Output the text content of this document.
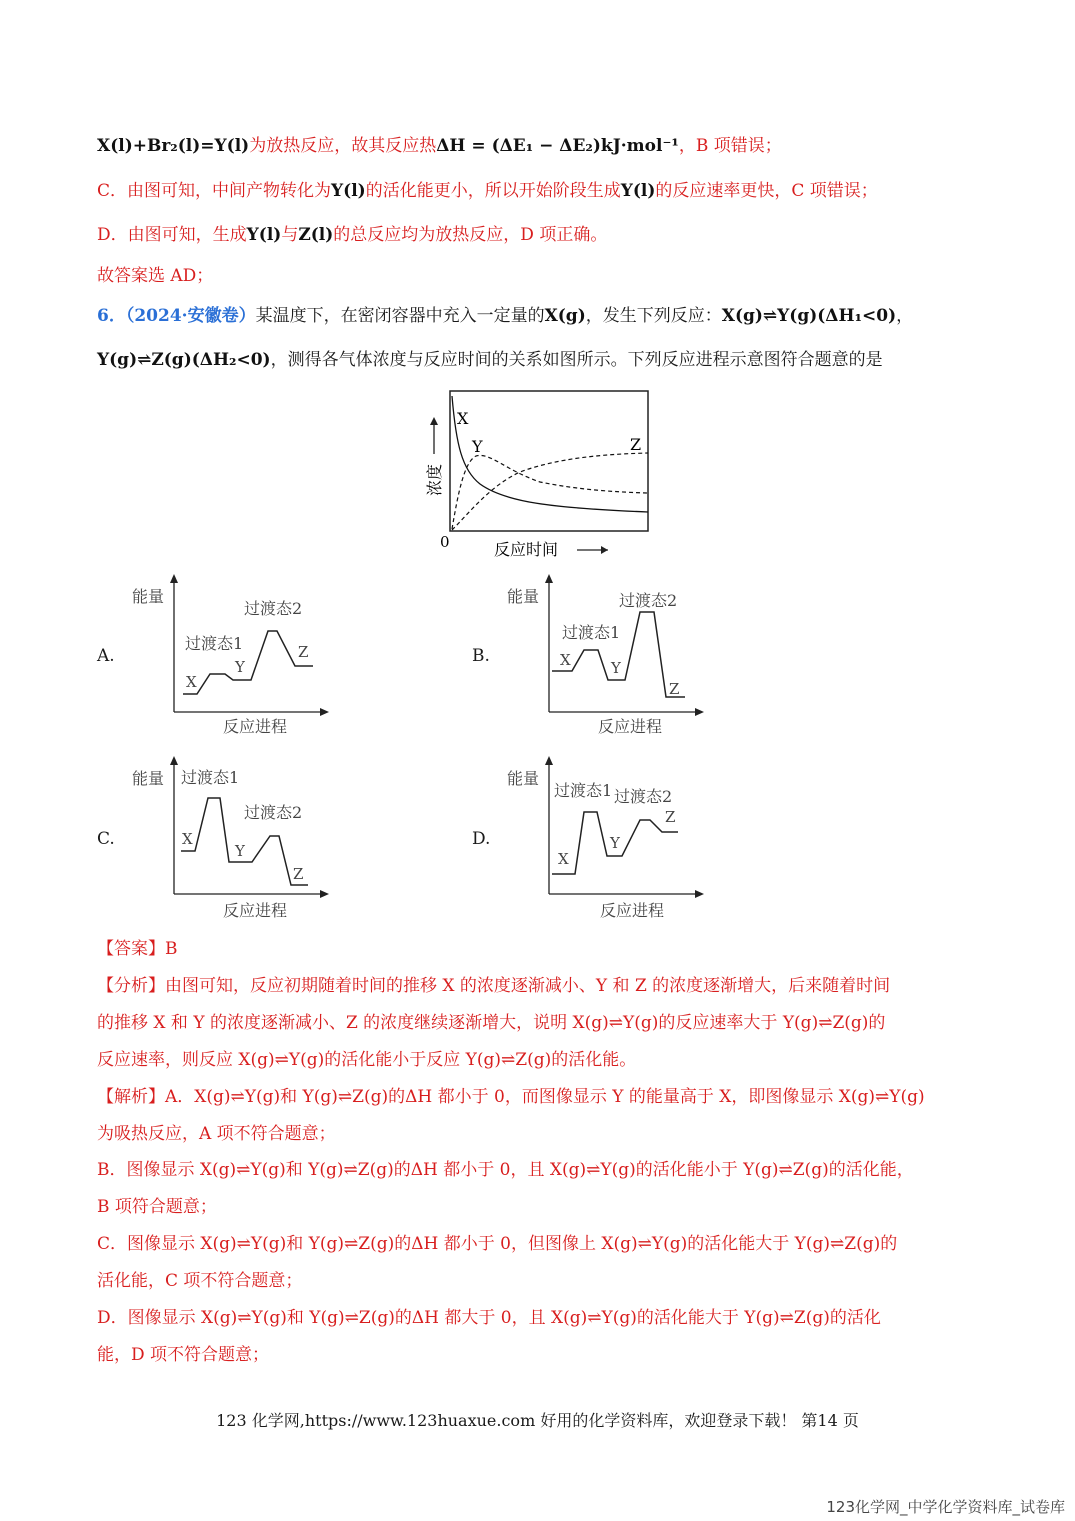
X(l)+Br₂(l)=Y(l)为放热反应，故其反应热ΔH = (ΔE₁ − ΔE₂)kJ·mol⁻¹，B 项错误；
C．由图可知，中间产物转化为Y(l)的活化能更小，所以开始阶段生成Y(l)的反应速率更快，C 项错误；
D．由图可知，生成Y(l)与Z(l)的总反应均为放热反应，D 项正确。
故答案选 AD；
6．（2024·安徽卷）某温度下，在密闭容器中充入一定量的X(g)，发生下列反应：X(g)⇌Y(g)(ΔH₁<0)，
Y(g)⇌Z(g)(ΔH₂<0)，测得各气体浓度与反应时间的关系如图所示。下列反应进程示意图符合题意的是
X
Y	Z
0	反应时间
浓度
A.	B.
C.	D.
能量
反应进程
过渡态1
过渡态2
X
Y
Z
能量
反应进程
过渡态1
过渡态2
X	Y
Z
能量
反应进程
过渡态1
过渡态2
X
Y
Z
能量
反应进程
过渡态1 过渡态2
X
Y
Z
【答案】B
【分析】由图可知，反应初期随着时间的推移 X 的浓度逐渐减小、Y 和 Z 的浓度逐渐增大，后来随着时间
的推移 X 和 Y 的浓度逐渐减小、Z 的浓度继续逐渐增大，说明 X(g)⇌Y(g)的反应速率大于 Y(g)⇌Z(g)的
反应速率，则反应 X(g)⇌Y(g)的活化能小于反应 Y(g)⇌Z(g)的活化能。
【解析】A．X(g)⇌Y(g)和 Y(g)⇌Z(g)的ΔH 都小于 0，而图像显示 Y 的能量高于 X，即图像显示 X(g)⇌Y(g)
为吸热反应，A 项不符合题意；
B．图像显示 X(g)⇌Y(g)和 Y(g)⇌Z(g)的ΔH 都小于 0，且 X(g)⇌Y(g)的活化能小于 Y(g)⇌Z(g)的活化能，
B 项符合题意；
C．图像显示 X(g)⇌Y(g)和 Y(g)⇌Z(g)的ΔH 都小于 0，但图像上 X(g)⇌Y(g)的活化能大于 Y(g)⇌Z(g)的
活化能，C 项不符合题意；
D．图像显示 X(g)⇌Y(g)和 Y(g)⇌Z(g)的ΔH 都大于 0，且 X(g)⇌Y(g)的活化能大于 Y(g)⇌Z(g)的活化
能，D 项不符合题意；
123 化学网,https://www.123huaxue.com 好用的化学资料库，欢迎登录下载！ 第14 页
123化学网_中学化学资料库_试卷库
